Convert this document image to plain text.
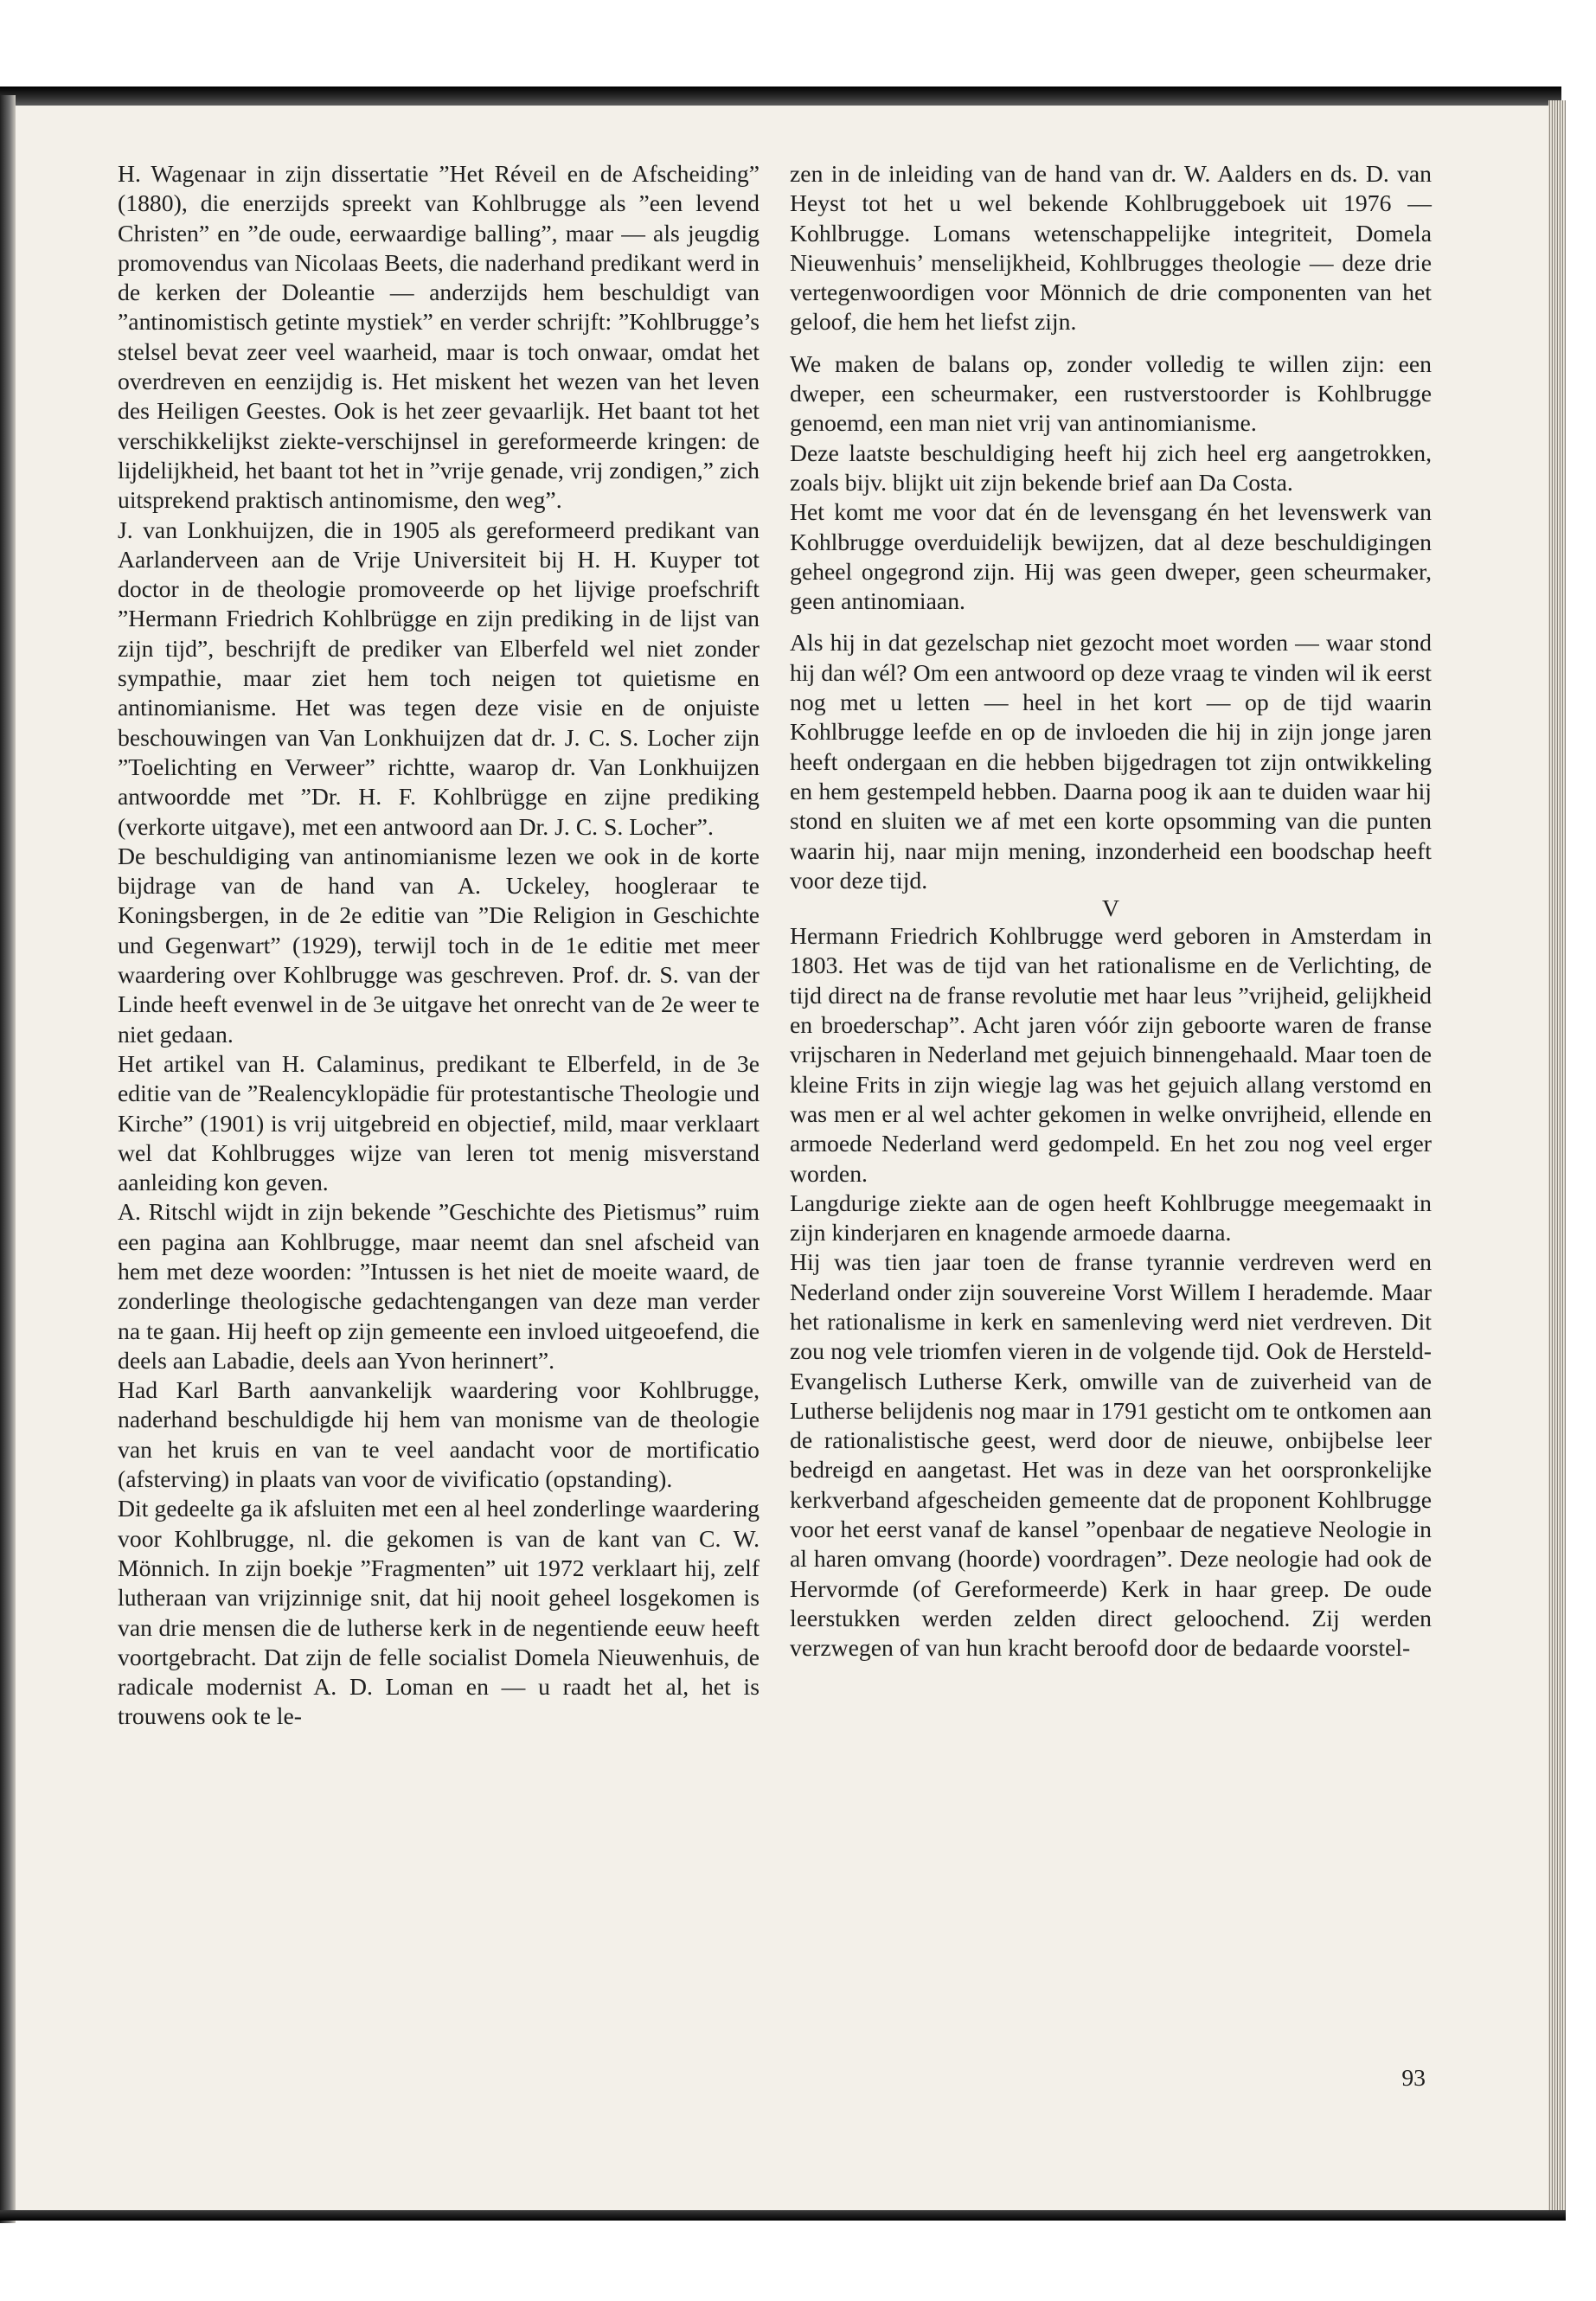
H. Wagenaar in zijn dissertatie ”Het Réveil en de Afscheiding” (1880), die enerzijds spreekt van Kohlbrugge als ”een levend Christen” en ”de oude, eerwaardige balling”, maar — als jeugdig promovendus van Nicolaas Beets, die naderhand predikant werd in de kerken der Doleantie — anderzijds hem beschuldigt van ”antinomistisch getinte mystiek” en verder schrijft: ”Kohlbrugge’s stelsel bevat zeer veel waarheid, maar is toch onwaar, omdat het overdreven en eenzijdig is. Het miskent het wezen van het leven des Heiligen Geestes. Ook is het zeer gevaarlijk. Het baant tot het verschikkelijkst ziekte-verschijnsel in gereformeerde kringen: de lijdelijkheid, het baant tot het in ”vrije genade, vrij zondigen,” zich uitsprekend praktisch antinomisme, den weg”.

J. van Lonkhuijzen, die in 1905 als gereformeerd predikant van Aarlanderveen aan de Vrije Universiteit bij H. H. Kuyper tot doctor in de theologie promoveerde op het lijvige proefschrift ”Hermann Friedrich Kohlbrügge en zijn prediking in de lijst van zijn tijd”, beschrijft de prediker van Elberfeld wel niet zonder sympathie, maar ziet hem toch neigen tot quietisme en antinomianisme. Het was tegen deze visie en de onjuiste beschouwingen van Van Lonkhuijzen dat dr. J. C. S. Locher zijn ”Toelichting en Verweer” richtte, waarop dr. Van Lonkhuijzen antwoordde met ”Dr. H. F. Kohlbrügge en zijne prediking (verkorte uitgave), met een antwoord aan Dr. J. C. S. Locher”.

De beschuldiging van antinomianisme lezen we ook in de korte bijdrage van de hand van A. Uckeley, hoogleraar te Koningsbergen, in de 2e editie van ”Die Religion in Geschichte und Gegenwart” (1929), terwijl toch in de 1e editie met meer waardering over Kohlbrugge was geschreven. Prof. dr. S. van der Linde heeft evenwel in de 3e uitgave het onrecht van de 2e weer te niet gedaan.

Het artikel van H. Calaminus, predikant te Elberfeld, in de 3e editie van de ”Realencyklopädie für protestantische Theologie und Kirche” (1901) is vrij uitgebreid en objectief, mild, maar verklaart wel dat Kohlbrugges wijze van leren tot menig misverstand aanleiding kon geven.

A. Ritschl wijdt in zijn bekende ”Geschichte des Pietismus” ruim een pagina aan Kohlbrugge, maar neemt dan snel afscheid van hem met deze woorden: ”Intussen is het niet de moeite waard, de zonderlinge theologische gedachtengangen van deze man verder na te gaan. Hij heeft op zijn gemeente een invloed uitgeoefend, die deels aan Labadie, deels aan Yvon herinnert”.

Had Karl Barth aanvankelijk waardering voor Kohlbrugge, naderhand beschuldigde hij hem van monisme van de theologie van het kruis en van te veel aandacht voor de mortificatio (afsterving) in plaats van voor de vivificatio (opstanding).

Dit gedeelte ga ik afsluiten met een al heel zonderlinge waardering voor Kohlbrugge, nl. die gekomen is van de kant van C. W. Mönnich. In zijn boekje ”Fragmenten” uit 1972 verklaart hij, zelf lutheraan van vrijzinnige snit, dat hij nooit geheel losgekomen is van drie mensen die de lutherse kerk in de negentiende eeuw heeft voortgebracht. Dat zijn de felle socialist Domela Nieuwenhuis, de radicale modernist A. D. Loman en — u raadt het al, het is trouwens ook te le-

zen in de inleiding van de hand van dr. W. Aalders en ds. D. van Heyst tot het u wel bekende Kohlbruggeboek uit 1976 — Kohlbrugge. Lomans wetenschappelijke integriteit, Domela Nieuwenhuis’ menselijkheid, Kohlbrugges theologie — deze drie vertegenwoordigen voor Mönnich de drie componenten van het geloof, die hem het liefst zijn.

We maken de balans op, zonder volledig te willen zijn: een dweper, een scheurmaker, een rustverstoorder is Kohlbrugge genoemd, een man niet vrij van antinomianisme.

Deze laatste beschuldiging heeft hij zich heel erg aangetrokken, zoals bijv. blijkt uit zijn bekende brief aan Da Costa.

Het komt me voor dat én de levensgang én het levenswerk van Kohlbrugge overduidelijk bewijzen, dat al deze beschuldigingen geheel ongegrond zijn. Hij was geen dweper, geen scheurmaker, geen antinomiaan.

Als hij in dat gezelschap niet gezocht moet worden — waar stond hij dan wél? Om een antwoord op deze vraag te vinden wil ik eerst nog met u letten — heel in het kort — op de tijd waarin Kohlbrugge leefde en op de invloeden die hij in zijn jonge jaren heeft ondergaan en die hebben bijgedragen tot zijn ontwikkeling en hem gestempeld hebben. Daarna poog ik aan te duiden waar hij stond en sluiten we af met een korte opsomming van die punten waarin hij, naar mijn mening, inzonderheid een boodschap heeft voor deze tijd.

V

Hermann Friedrich Kohlbrugge werd geboren in Amsterdam in 1803. Het was de tijd van het rationalisme en de Verlichting, de tijd direct na de franse revolutie met haar leus ”vrijheid, gelijkheid en broederschap”. Acht jaren vóór zijn geboorte waren de franse vrijscharen in Nederland met gejuich binnengehaald. Maar toen de kleine Frits in zijn wiegje lag was het gejuich allang verstomd en was men er al wel achter gekomen in welke onvrijheid, ellende en armoede Nederland werd gedompeld. En het zou nog veel erger worden.

Langdurige ziekte aan de ogen heeft Kohlbrugge meegemaakt in zijn kinderjaren en knagende armoede daarna.

Hij was tien jaar toen de franse tyrannie verdreven werd en Nederland onder zijn souvereine Vorst Willem I herademde. Maar het rationalisme in kerk en samenleving werd niet verdreven. Dit zou nog vele triomfen vieren in de volgende tijd. Ook de Hersteld-Evangelisch Lutherse Kerk, omwille van de zuiverheid van de Lutherse belijdenis nog maar in 1791 gesticht om te ontkomen aan de rationalistische geest, werd door de nieuwe, onbijbelse leer bedreigd en aangetast. Het was in deze van het oorspronkelijke kerkverband afgescheiden gemeente dat de proponent Kohlbrugge voor het eerst vanaf de kansel ”openbaar de negatieve Neologie in al haren omvang (hoorde) voordragen”. Deze neologie had ook de Hervormde (of Gereformeerde) Kerk in haar greep. De oude leerstukken werden zelden direct geloochend. Zij werden verzwegen of van hun kracht beroofd door de bedaarde voorstel-

93
